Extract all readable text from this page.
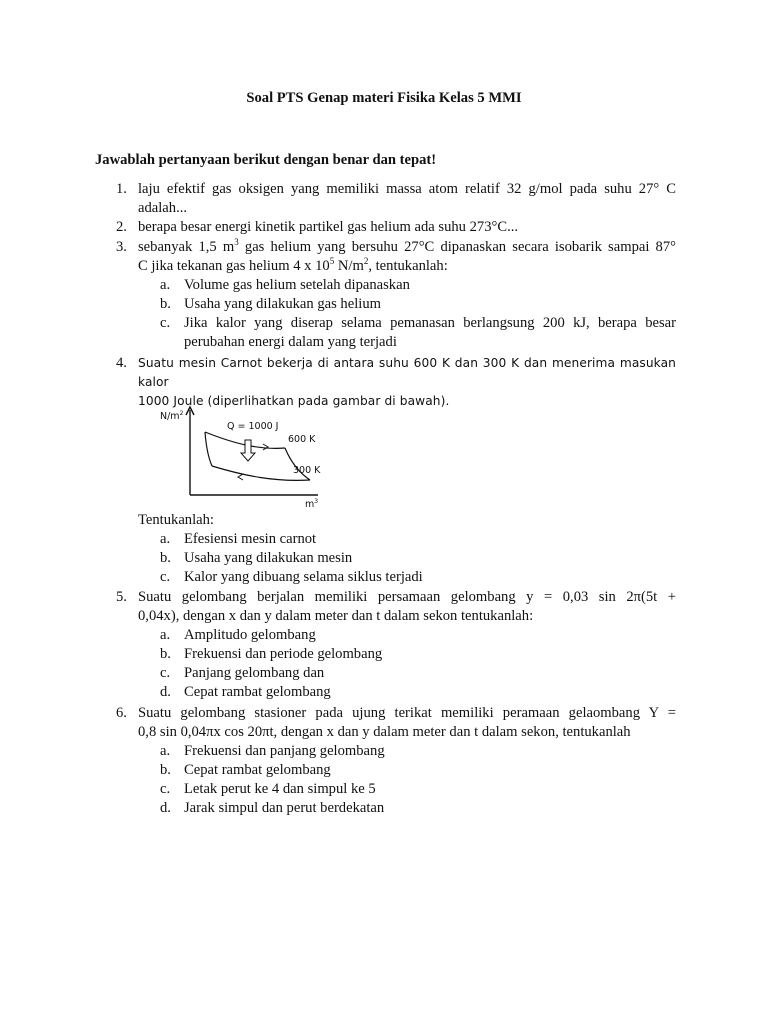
Soal PTS Genap materi Fisika Kelas 5 MMI
Jawablah pertanyaan berikut dengan benar dan tepat!
1. laju efektif gas oksigen yang memiliki massa atom relatif 32 g/mol pada suhu 27° C
adalah...
2. berapa besar energi kinetik partikel gas helium ada suhu 273°C...
3. sebanyak 1,5 $m^3$ gas helium yang bersuhu 27°C dipanaskan secara isobarik sampai 87°
C jika tekanan gas helium 4 x $10^5$ $N/m^2$, tentukanlah:
a. Volume gas helium setelah dipanaskan
b. Usaha yang dilakukan gas helium
c. Jika kalor yang diserap selama pemanasan berlangsung 200 kJ, berapa besar perubahan energi dalam yang terjadi
4. Suatu mesin Carnot bekerja di antara suhu 600 K dan 300 K dan menerima masukan kalor
1000 Joule (diperlihatkan pada gambar di bawah).
$N/m^2$
$m^3$
Q = 1000 J
600 K
300 K
Tentukanlah:
a. Efesiensi mesin carnot
b. Usaha yang dilakukan mesin
c. Kalor yang dibuang selama siklus terjadi
5. Suatu gelombang berjalan memiliki persamaan gelombang y = 0,03 sin 2π(5t +
0,04x), dengan x dan y dalam meter dan t dalam sekon tentukanlah:
a. Amplitudo gelombang
b. Frekuensi dan periode gelombang
c. Panjang gelombang dan
d. Cepat rambat gelombang
6. Suatu gelombang stasioner pada ujung terikat memiliki peramaan gelaombang Y =
0,8 sin 0,04πx cos 20πt, dengan x dan y dalam meter dan t dalam sekon, tentukanlah
a. Frekuensi dan panjang gelombang
b. Cepat rambat gelombang
c. Letak perut ke 4 dan simpul ke 5
d. Jarak simpul dan perut berdekatan
